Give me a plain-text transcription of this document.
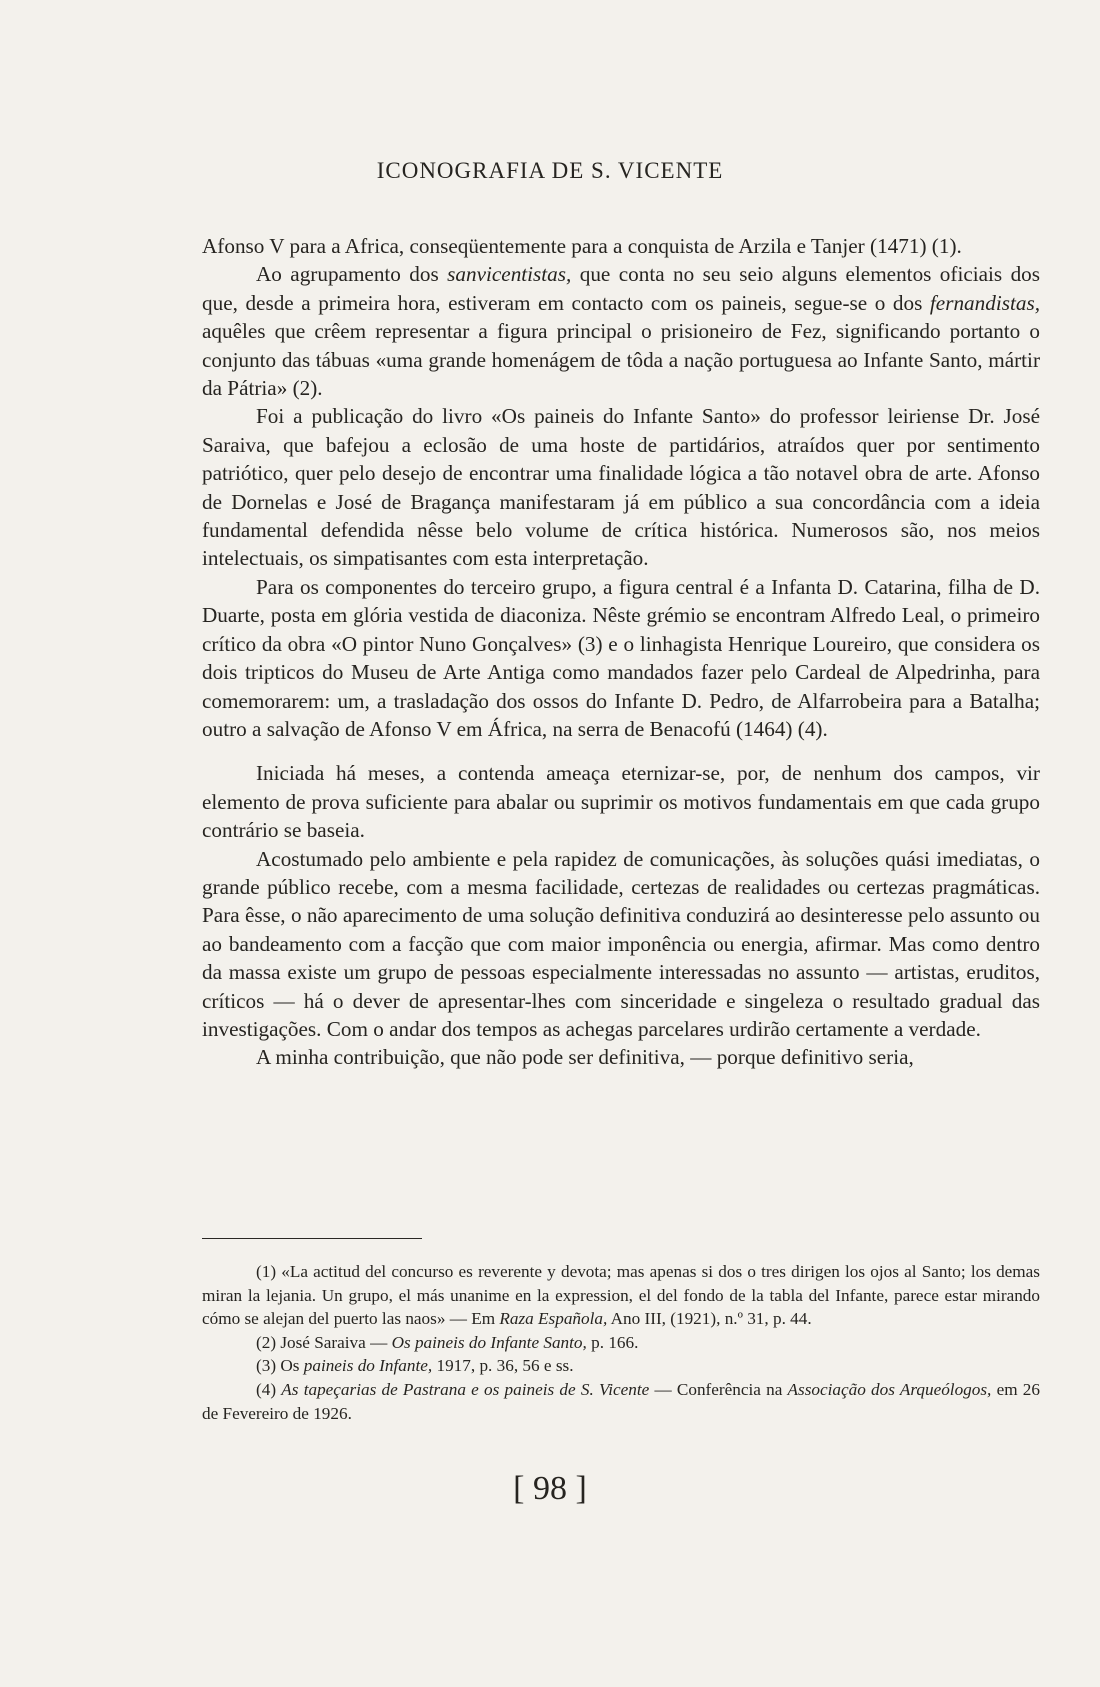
ICONOGRAFIA DE S. VICENTE

Afonso V para a Africa, conseqüentemente para a conquista de Arzila e Tanjer (1471) (1).

Ao agrupamento dos sanvicentistas, que conta no seu seio alguns elementos oficiais dos que, desde a primeira hora, estiveram em contacto com os paineis, segue-se o dos fernandistas, aquêles que crêem representar a figura principal o prisioneiro de Fez, significando portanto o conjunto das tábuas «uma grande homenágem de tôda a nação portuguesa ao Infante Santo, mártir da Pátria» (2).

Foi a publicação do livro «Os paineis do Infante Santo» do professor leiriense Dr. José Saraiva, que bafejou a eclosão de uma hoste de partidários, atraídos quer por sentimento patriótico, quer pelo desejo de encontrar uma finalidade lógica a tão notavel obra de arte. Afonso de Dornelas e José de Bragança manifestaram já em público a sua concordância com a ideia fundamental defendida nêsse belo volume de crítica histórica. Numerosos são, nos meios intelectuais, os simpatisantes com esta interpretação.

Para os componentes do terceiro grupo, a figura central é a Infanta D. Catarina, filha de D. Duarte, posta em glória vestida de diaconiza. Nêste grémio se encontram Alfredo Leal, o primeiro crítico da obra «O pintor Nuno Gonçalves» (3) e o linhagista Henrique Loureiro, que considera os dois tripticos do Museu de Arte Antiga como mandados fazer pelo Cardeal de Alpedrinha, para comemorarem: um, a trasladação dos ossos do Infante D. Pedro, de Alfarrobeira para a Batalha; outro a salvação de Afonso V em África, na serra de Benacofú (1464) (4).

Iniciada há meses, a contenda ameaça eternizar-se, por, de nenhum dos campos, vir elemento de prova suficiente para abalar ou suprimir os motivos fundamentais em que cada grupo contrário se baseia.

Acostumado pelo ambiente e pela rapidez de comunicações, às soluções quási imediatas, o grande público recebe, com a mesma facilidade, certezas de realidades ou certezas pragmáticas. Para êsse, o não aparecimento de uma solução definitiva conduzirá ao desinteresse pelo assunto ou ao bandeamento com a facção que com maior imponência ou energia, afirmar. Mas como dentro da massa existe um grupo de pessoas especialmente interessadas no assunto — artistas, eruditos, críticos — há o dever de apresentar-lhes com sinceridade e singeleza o resultado gradual das investigações. Com o andar dos tempos as achegas parcelares urdirão certamente a verdade.

A minha contribuição, que não pode ser definitiva, — porque definitivo seria,

(1) «La actitud del concurso es reverente y devota; mas apenas si dos o tres dirigen los ojos al Santo; los demas miran la lejania. Un grupo, el más unanime en la expression, el del fondo de la tabla del Infante, parece estar mirando cómo se alejan del puerto las naos» — Em Raza Española, Ano III, (1921), n.º 31, p. 44.

(2) José Saraiva — Os paineis do Infante Santo, p. 166.

(3) Os paineis do Infante, 1917, p. 36, 56 e ss.

(4) As tapeçarias de Pastrana e os paineis de S. Vicente — Conferência na Associação dos Arqueólogos, em 26 de Fevereiro de 1926.

[ 98 ]
